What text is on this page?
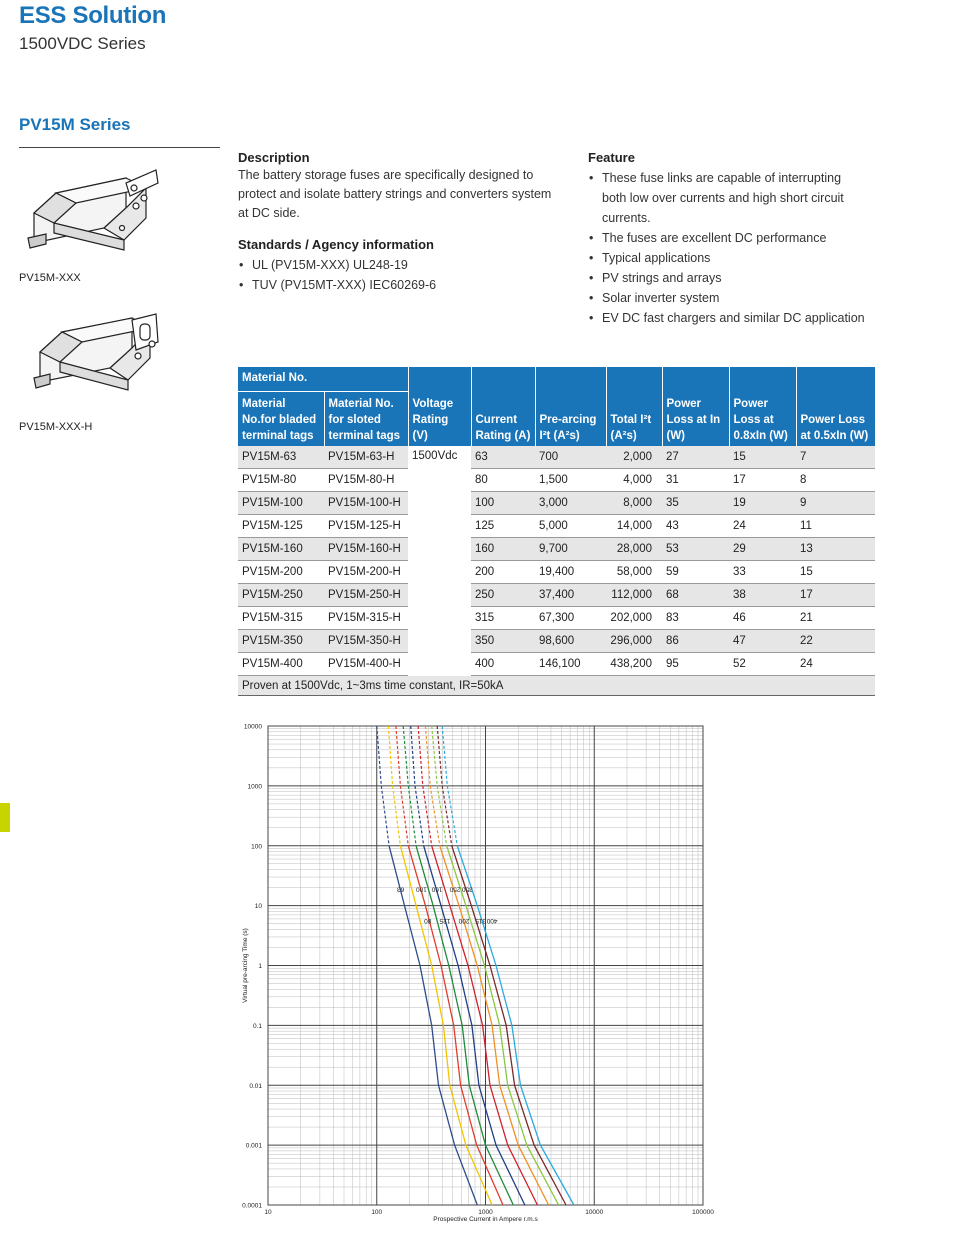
ESS Solution
1500VDC Series
PV15M Series
PV15M-XXX
PV15M-XXX-H
Description
The battery storage fuses are specifically designed to protect and isolate battery strings and converters system at DC side.
Standards / Agency information
• UL (PV15M-XXX) UL248-19
• TUV (PV15MT-XXX) IEC60269-6
Feature
• These fuse links are capable of interrupting both low over currents and high short circuit currents.
• The fuses are excellent DC performance
• Typical applications
• PV strings and arrays
• Solar inverter system
• EV DC fast chargers and similar DC application
Material No.		Voltage Rating (V)	Current Rating (A)	Pre-arcing I²t (A²s)	Total I²t (A²s)	Power Loss at In (W)	Power Loss at 0.8xIn (W)	Power Loss at 0.5xIn (W)
Material No.for bladed terminal tags	Material No. for sloted terminal tags							
PV15M-63	PV15M-63-H	1500Vdc	63	700	2,000	27	15	7
PV15M-80	PV15M-80-H		80	1,500	4,000	31	17	8
PV15M-100	PV15M-100-H		100	3,000	8,000	35	19	9
PV15M-125	PV15M-125-H		125	5,000	14,000	43	24	11
PV15M-160	PV15M-160-H		160	9,700	28,000	53	29	13
PV15M-200	PV15M-200-H		200	19,400	58,000	59	33	15
PV15M-250	PV15M-250-H		250	37,400	112,000	68	38	17
PV15M-315	PV15M-315-H		315	67,300	202,000	83	46	21
PV15M-350	PV15M-350-H		350	98,600	296,000	86	47	22
PV15M-400	PV15M-400-H		400	146,100	438,200	95	52	24
Proven at 1500Vdc, 1~3ms time constant, IR=50kA								
10	100	1000	10000	100000
10000
1000
100
10
1
0.1
0.01
0.001
0.0001
63
80
100
125
160
200
250
315
350
400
Prospective Current in Ampere r.m.s
Virtual pre-arcing Time (s)
